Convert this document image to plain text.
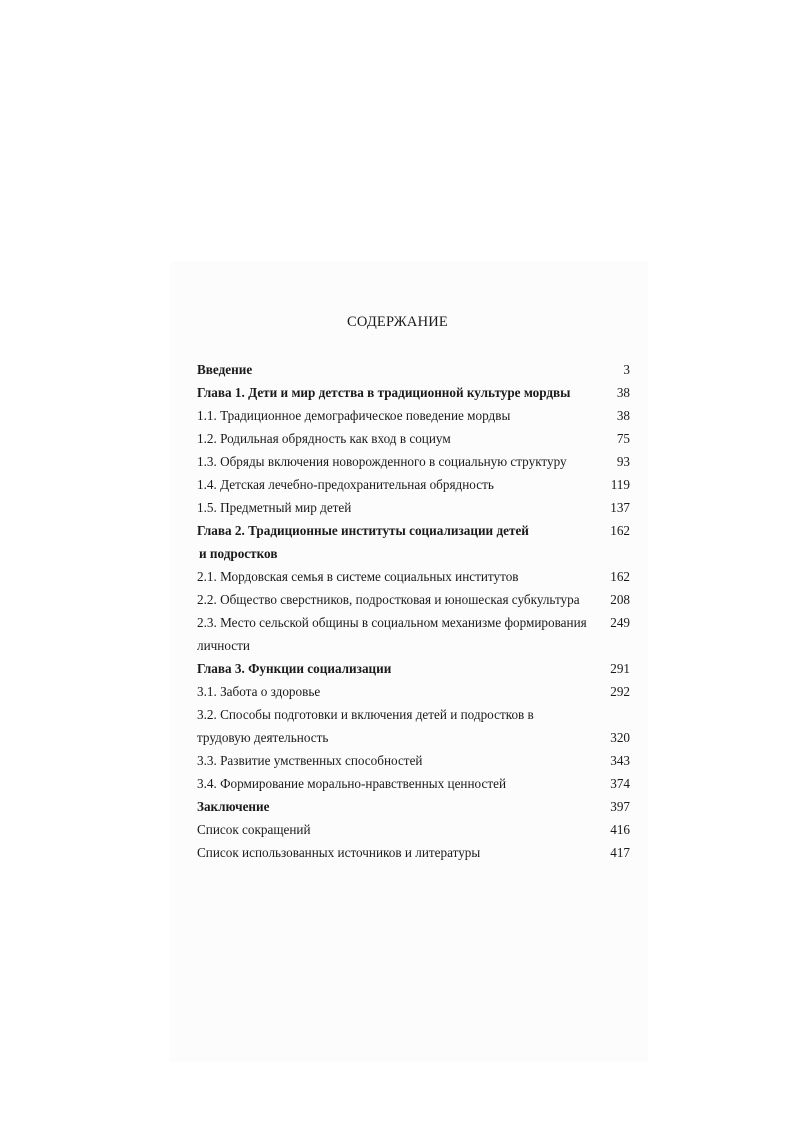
СОДЕРЖАНИЕ
Введение	3
Глава 1. Дети и мир детства в традиционной культуре мордвы	38
1.1. Традиционное демографическое поведение мордвы	38
1.2. Родильная обрядность как вход в социум	75
1.3. Обряды включения новорожденного в социальную структуру	93
1.4. Детская лечебно-предохранительная обрядность	119
1.5. Предметный мир детей	137
Глава 2. Традиционные институты социализации детей	162
и подростков
2.1. Мордовская семья в системе социальных институтов	162
2.2. Общество сверстников, подростковая и юношеская субкультура 208
2.3. Место сельской общины в социальном механизме формирования 249
личности
Глава 3. Функции социализации	291
3.1. Забота о здоровье	292
3.2. Способы подготовки и включения детей и подростков в
трудовую деятельность	320
3.3. Развитие умственных способностей	343
3.4. Формирование морально-нравственных ценностей	374
Заключение	397
Список сокращений	416
Список использованных источников и литературы	417
